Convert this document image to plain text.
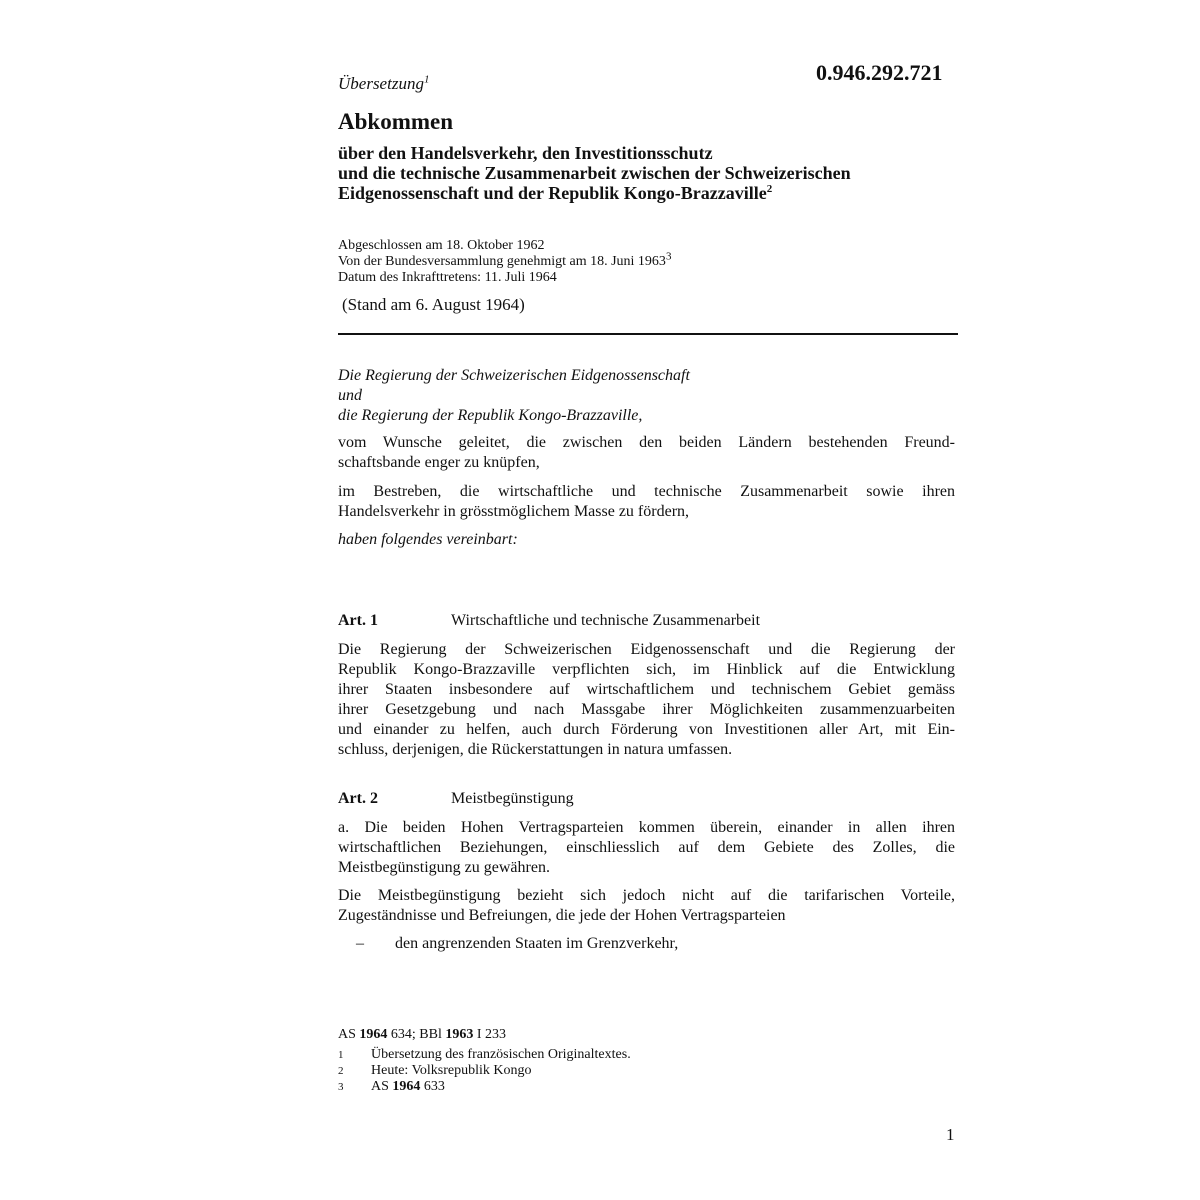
Übersetzung$^1$	0.946.292.721
Abkommen
über den Handelsverkehr, den Investitionsschutz
und die technische Zusammenarbeit zwischen der Schweizerischen
Eidgenossenschaft und der Republik Kongo-Brazzaville$^2$
Abgeschlossen am 18. Oktober 1962
Von der Bundesversammlung genehmigt am 18. Juni 1963$^3$
Datum des Inkrafttretens: 11. Juli 1964
(Stand am 6. August 1964)
Die Regierung der Schweizerischen Eidgenossenschaft
und
die Regierung der Republik Kongo-Brazzaville,
vom Wunsche geleitet, die zwischen den beiden Ländern bestehenden Freund-
schaftsbande enger zu knüpfen,
im Bestreben, die wirtschaftliche und technische Zusammenarbeit sowie ihren
Handelsverkehr in grösstmöglichem Masse zu fördern,
haben folgendes vereinbart:
Art. 1	Wirtschaftliche und technische Zusammenarbeit
Die Regierung der Schweizerischen Eidgenossenschaft und die Regierung der
Republik Kongo-Brazzaville verpflichten sich, im Hinblick auf die Entwicklung
ihrer Staaten insbesondere auf wirtschaftlichem und technischem Gebiet gemäss
ihrer Gesetzgebung und nach Massgabe ihrer Möglichkeiten zusammenzuarbeiten
und einander zu helfen, auch durch Förderung von Investitionen aller Art, mit Ein-
schluss, derjenigen, die Rückerstattungen in natura umfassen.
Art. 2	Meistbegünstigung
a. Die beiden Hohen Vertragsparteien kommen überein, einander in allen ihren
wirtschaftlichen Beziehungen, einschliesslich auf dem Gebiete des Zolles, die
Meistbegünstigung zu gewähren.
Die Meistbegünstigung bezieht sich jedoch nicht auf die tarifarischen Vorteile,
Zugeständnisse und Befreiungen, die jede der Hohen Vertragsparteien
– den angrenzenden Staaten im Grenzverkehr,
AS 1964 634; BBl 1963 I 233
1	Übersetzung des französischen Originaltextes.
2	Heute: Volksrepublik Kongo
3	AS 1964 633
1
